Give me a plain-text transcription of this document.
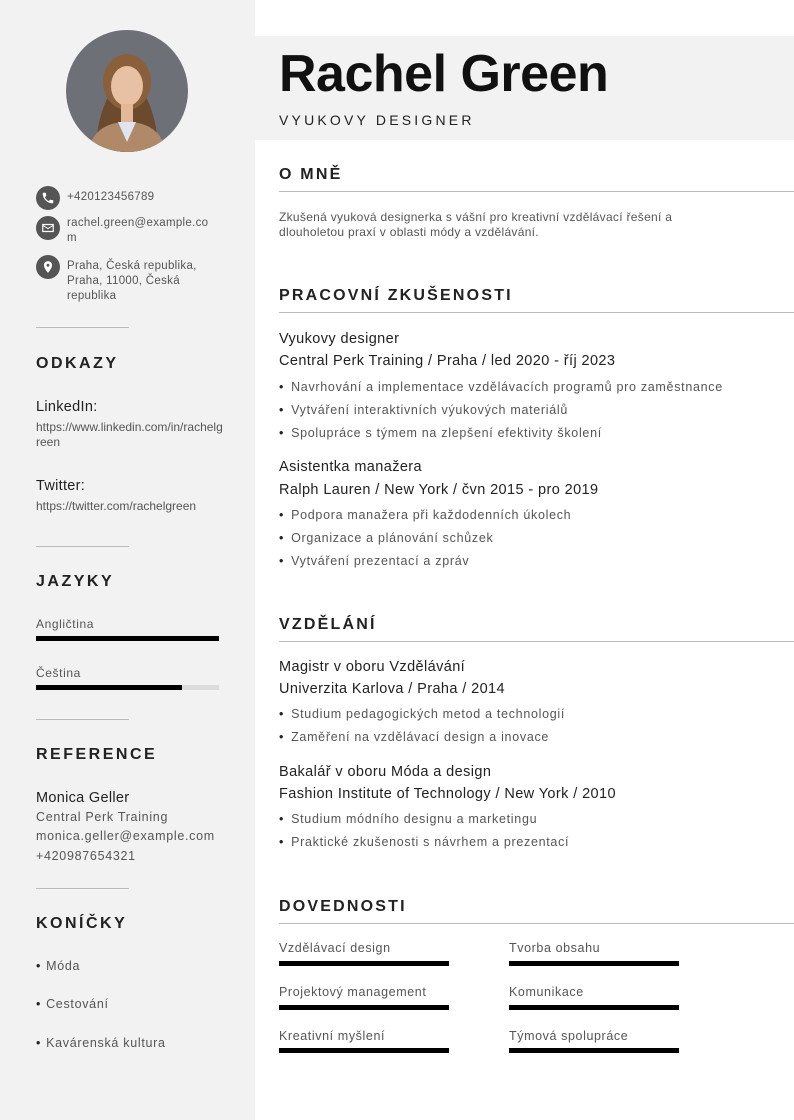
+420123456789
rachel.green@example.com
Praha, Česká republika, Praha, 11000, Česká republika
ODKAZY
LinkedIn:
https://www.linkedin.com/in/rachelgreen
Twitter:
https://twitter.com/rachelgreen
JAZYKY
Angličtina
Čeština
REFERENCE
Monica Geller
Central Perk Training
monica.geller@example.com
+420987654321
KONÍČKY
• Móda
• Cestování
• Kavárenská kultura
Rachel Green
VYUKOVY DESIGNER
O MNĚ
Zkušená vyuková designerka s vášní pro kreativní vzdělávací řešení a dlouholetou praxí v oblasti módy a vzdělávání.
PRACOVNÍ ZKUŠENOSTI
Vyukovy designer
Central Perk Training / Praha / led 2020 - říj 2023
• Navrhování a implementace vzdělávacích programů pro zaměstnance
• Vytváření interaktivních výukových materiálů
• Spolupráce s týmem na zlepšení efektivity školení
Asistentka manažera
Ralph Lauren / New York / čvn 2015 - pro 2019
• Podpora manažera při každodenních úkolech
• Organizace a plánování schůzek
• Vytváření prezentací a zpráv
VZDĚLÁNÍ
Magistr v oboru Vzdělávání
Univerzita Karlova / Praha / 2014
• Studium pedagogických metod a technologií
• Zaměření na vzdělávací design a inovace
Bakalář v oboru Móda a design
Fashion Institute of Technology / New York / 2010
• Studium módního designu a marketingu
• Praktické zkušenosti s návrhem a prezentací
DOVEDNOSTI
Vzdělávací design	Tvorba obsahu
Projektový management	Komunikace
Kreativní myšlení	Týmová spolupráce
